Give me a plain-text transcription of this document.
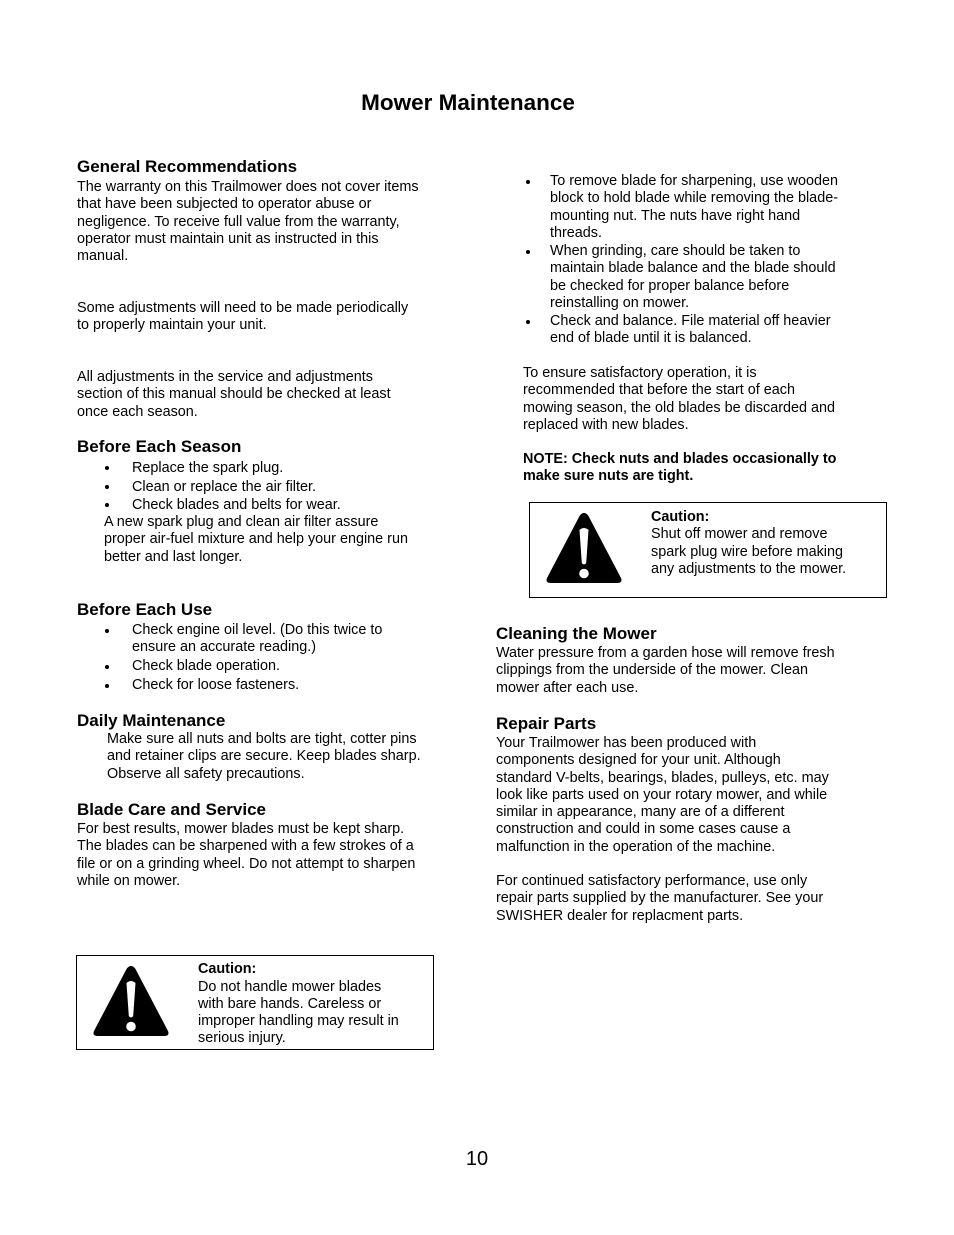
Mower Maintenance
General Recommendations
The warranty on this Trailmower does not cover items
that have been subjected to operator abuse or
negligence. To receive full value from the warranty,
operator must maintain unit as instructed in this
manual.
Some adjustments will need to be made periodically
to properly maintain your unit.
All adjustments in the service and adjustments
section of this manual should be checked at least
once each season.
Before Each Season
Replace the spark plug.
Clean or replace the air filter.
Check blades and belts for wear.
A new spark plug and clean air filter assure
proper air-fuel mixture and help your engine run
better and last longer.
Before Each Use
Check engine oil level. (Do this twice to
ensure an accurate reading.)
Check blade operation.
Check for loose fasteners.
Daily Maintenance
Make sure all nuts and bolts are tight, cotter pins
and retainer clips are secure. Keep blades sharp.
Observe all safety precautions.
Blade Care and Service
For best results, mower blades must be kept sharp.
The blades can be sharpened with a few strokes of a
file or on a grinding wheel. Do not attempt to sharpen
while on mower.
Caution:
Do not handle mower blades
with bare hands. Careless or
improper handling may result in
serious injury.
To remove blade for sharpening, use wooden
block to hold blade while removing the blade-
mounting nut. The nuts have right hand
threads.
When grinding, care should be taken to
maintain blade balance and the blade should
be checked for proper balance before
reinstalling on mower.
Check and balance. File material off heavier
end of blade until it is balanced.
To ensure satisfactory operation, it is
recommended that before the start of each
mowing season, the old blades be discarded and
replaced with new blades.
NOTE: Check nuts and blades occasionally to
make sure nuts are tight.
Caution:
Shut off mower and remove
spark plug wire before making
any adjustments to the mower.
Cleaning the Mower
Water pressure from a garden hose will remove fresh
clippings from the underside of the mower. Clean
mower after each use.
Repair Parts
Your Trailmower has been produced with
components designed for your unit. Although
standard V-belts, bearings, blades, pulleys, etc. may
look like parts used on your rotary mower, and while
similar in appearance, many are of a different
construction and could in some cases cause a
malfunction in the operation of the machine.
For continued satisfactory performance, use only
repair parts supplied by the manufacturer. See your
SWISHER dealer for replacment parts.
10
